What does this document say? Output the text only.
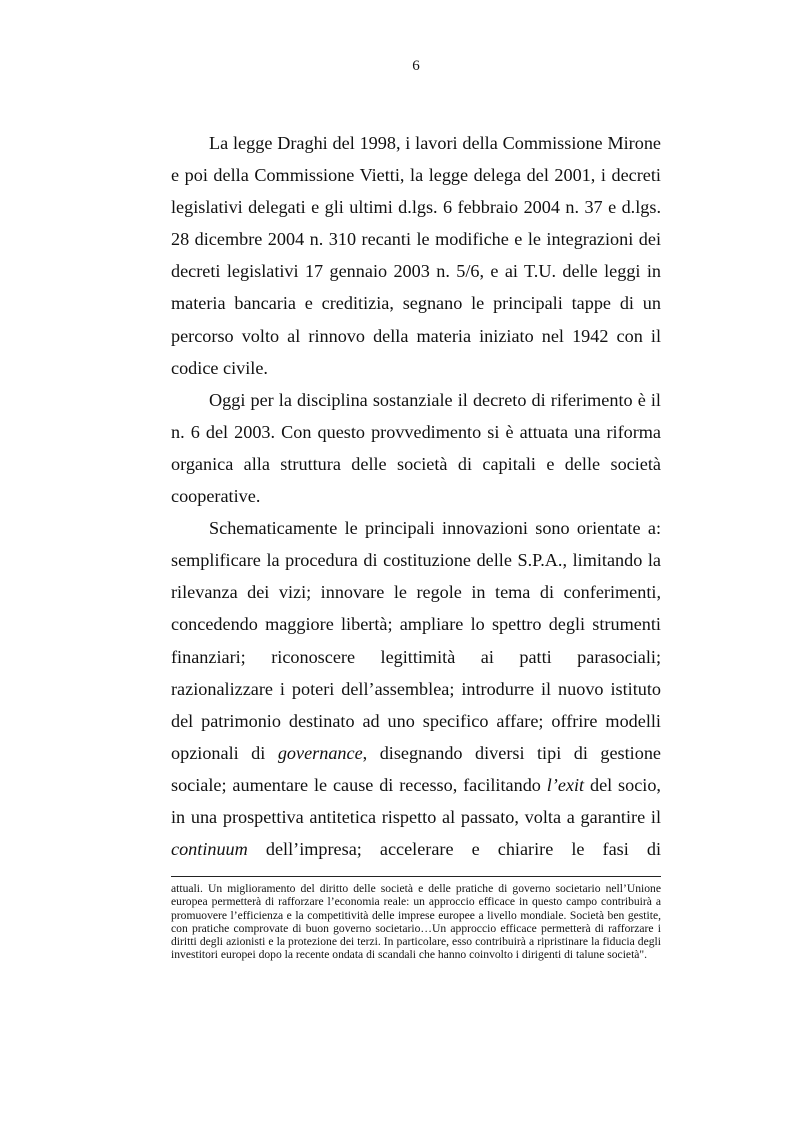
6

La legge Draghi del 1998, i lavori della Commissione Mirone e poi della Commissione Vietti, la legge delega del 2001, i decreti legislativi delegati e gli ultimi d.lgs. 6 febbraio 2004 n. 37 e d.lgs. 28 dicembre 2004 n. 310 recanti le modifiche e le integrazioni dei decreti legislativi 17 gennaio 2003 n. 5/6, e ai T.U. delle leggi in materia bancaria e creditizia, segnano le principali tappe di un percorso volto al rinnovo della materia iniziato nel 1942 con il codice civile.

Oggi per la disciplina sostanziale il decreto di riferimento è il n. 6 del 2003. Con questo provvedimento si è attuata una riforma organica alla struttura delle società di capitali e delle società cooperative.

Schematicamente le principali innovazioni sono orientate a: semplificare la procedura di costituzione delle S.P.A., limitando la rilevanza dei vizi; innovare le regole in tema di conferimenti, concedendo maggiore libertà; ampliare lo spettro degli strumenti finanziari; riconoscere legittimità ai patti parasociali; razionalizzare i poteri dell’assemblea; introdurre il nuovo istituto del patrimonio destinato ad uno specifico affare; offrire modelli opzionali di governance, disegnando diversi tipi di gestione sociale; aumentare le cause di recesso, facilitando l’exit del socio, in una prospettiva antitetica rispetto al passato, volta a garantire il continuum dell’impresa; accelerare e chiarire le fasi di

attuali. Un miglioramento del diritto delle società e delle pratiche di governo societario nell’Unione europea permetterà di rafforzare l’economia reale: un approccio efficace in questo campo contribuirà a promuovere l’efficienza e la competitività delle imprese europee a livello mondiale. Società ben gestite, con pratiche comprovate di buon governo societario…Un approccio efficace permetterà di rafforzare i diritti degli azionisti e la protezione dei terzi. In particolare, esso contribuirà a ripristinare la fiducia degli investitori europei dopo la recente ondata di scandali che hanno coinvolto i dirigenti di talune società".
